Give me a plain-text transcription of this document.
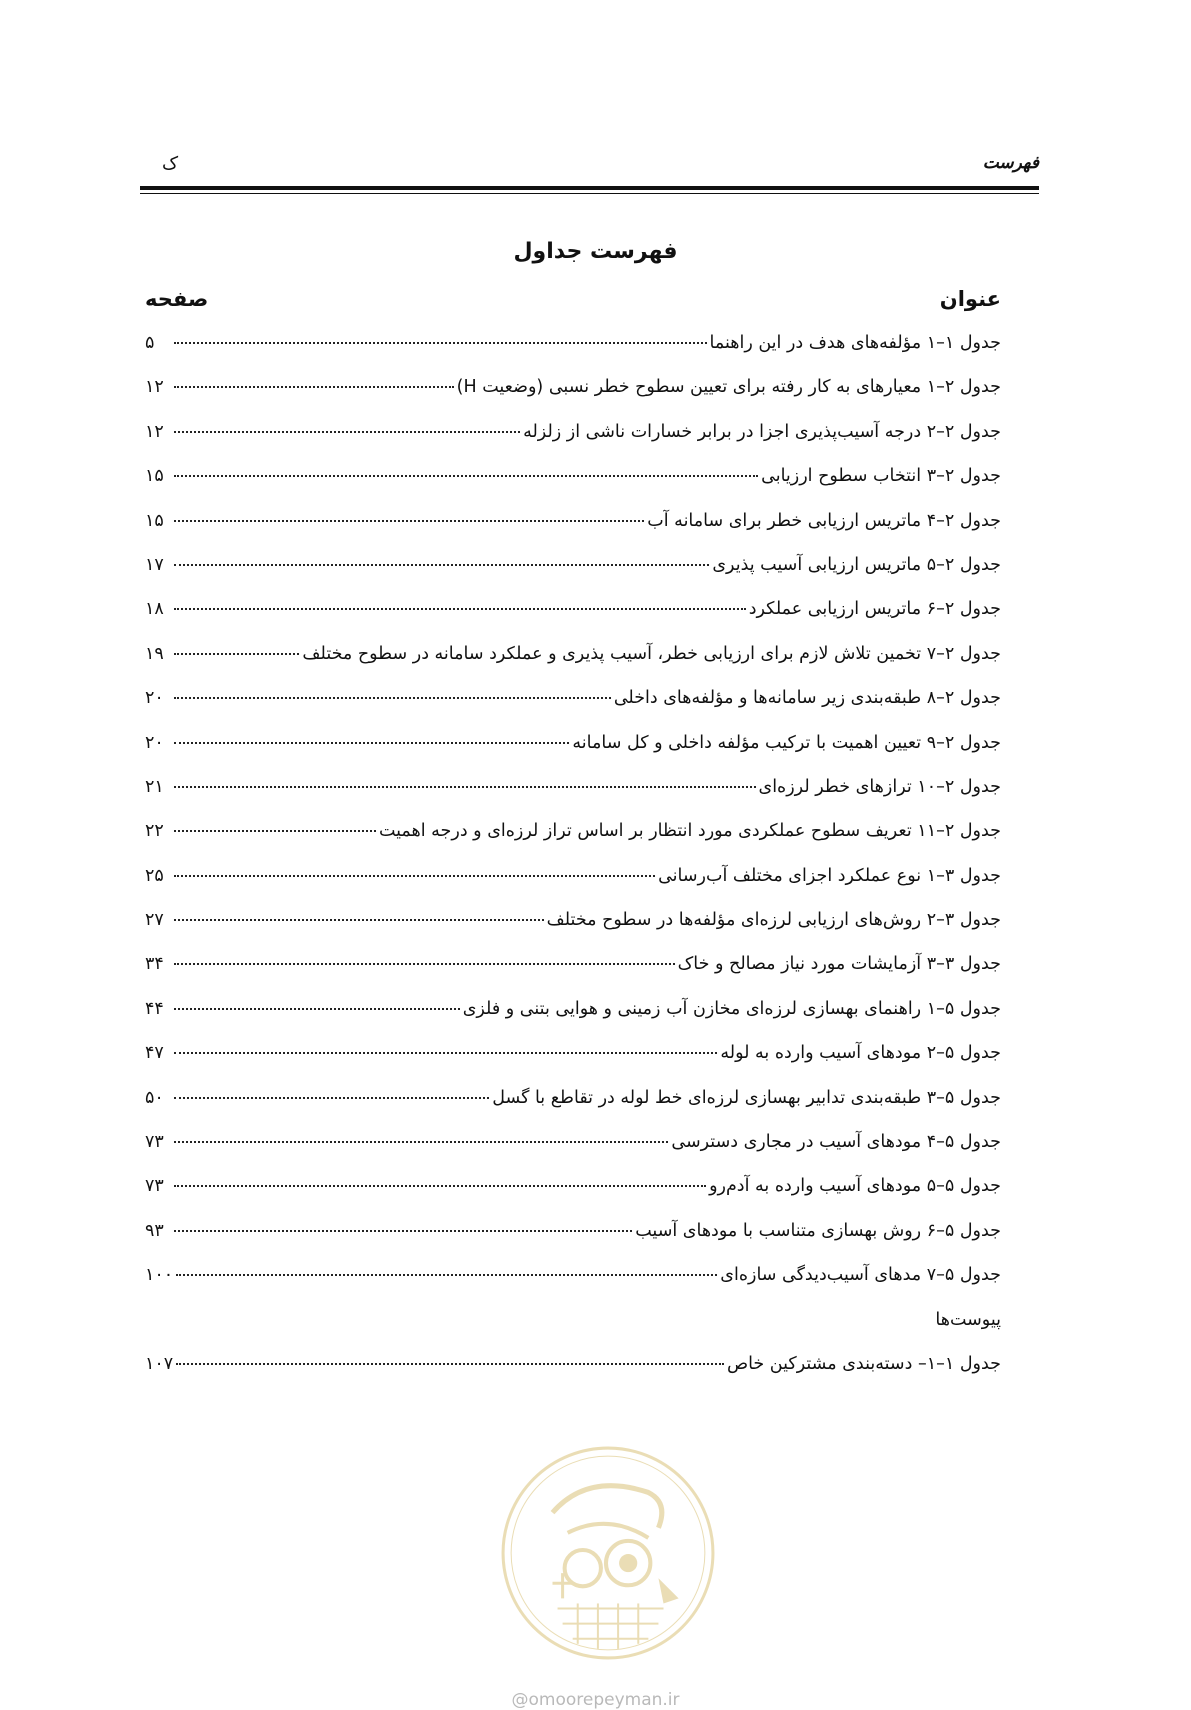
فهرست
ک
فهرست جداول
عنوان
صفحه
جدول ۱–۱ مؤلفه‌های هدف در این راهنما
۵
جدول ۲–۱ معیارهای به کار رفته برای تعیین سطوح خطر نسبی (وضعیت H)
۱۲
جدول ۲–۲ درجه آسیب‌پذیری اجزا در برابر خسارات ناشی از زلزله
۱۲
جدول ۲–۳ انتخاب سطوح ارزیابی
۱۵
جدول ۲–۴ ماتریس ارزیابی خطر برای سامانه آب
۱۵
جدول ۲–۵ ماتریس ارزیابی آسیب پذیری
۱۷
جدول ۲–۶ ماتریس ارزیابی عملکرد
۱۸
جدول ۲–۷ تخمین تلاش لازم برای ارزیابی خطر، آسیب پذیری و عملکرد سامانه در سطوح مختلف
۱۹
جدول ۲–۸ طبقه‌بندی زیر سامانه‌ها و مؤلفه‌های داخلی
۲۰
جدول ۲–۹ تعیین اهمیت با ترکیب مؤلفه داخلی و کل سامانه
۲۰
جدول ۲–۱۰ ترازهای خطر لرزه‌ای
۲۱
جدول ۲–۱۱ تعریف سطوح عملکردی مورد انتظار بر اساس تراز لرزه‌ای و درجه اهمیت
۲۲
جدول ۳–۱ نوع عملکرد اجزای مختلف آب‌رسانی
۲۵
جدول ۳–۲ روش‌های ارزیابی لرزه‌ای مؤلفه‌ها در سطوح مختلف
۲۷
جدول ۳–۳ آزمایشات مورد نیاز مصالح و خاک
۳۴
جدول ۵–۱ راهنمای بهسازی لرزه‌ای مخازن آب زمینی و هوایی بتنی و فلزی
۴۴
جدول ۵–۲ مودهای آسیب وارده به لوله
۴۷
جدول ۵–۳ طبقه‌بندی تدابیر بهسازی لرزه‌ای خط لوله در تقاطع با گسل
۵۰
جدول ۵–۴ مودهای آسیب در مجاری دسترسی
۷۳
جدول ۵–۵ مودهای آسیب وارده به آدم‌رو
۷۳
جدول ۵–۶ روش بهسازی متناسب با مودهای آسیب
۹۳
جدول ۵–۷ مدهای آسیب‌دیدگی سازه‌ای
۱۰۰
پیوست‌ها
جدول ۱–۱– دسته‌بندی مشترکین خاص
۱۰۷
@omoorepeyman.ir
